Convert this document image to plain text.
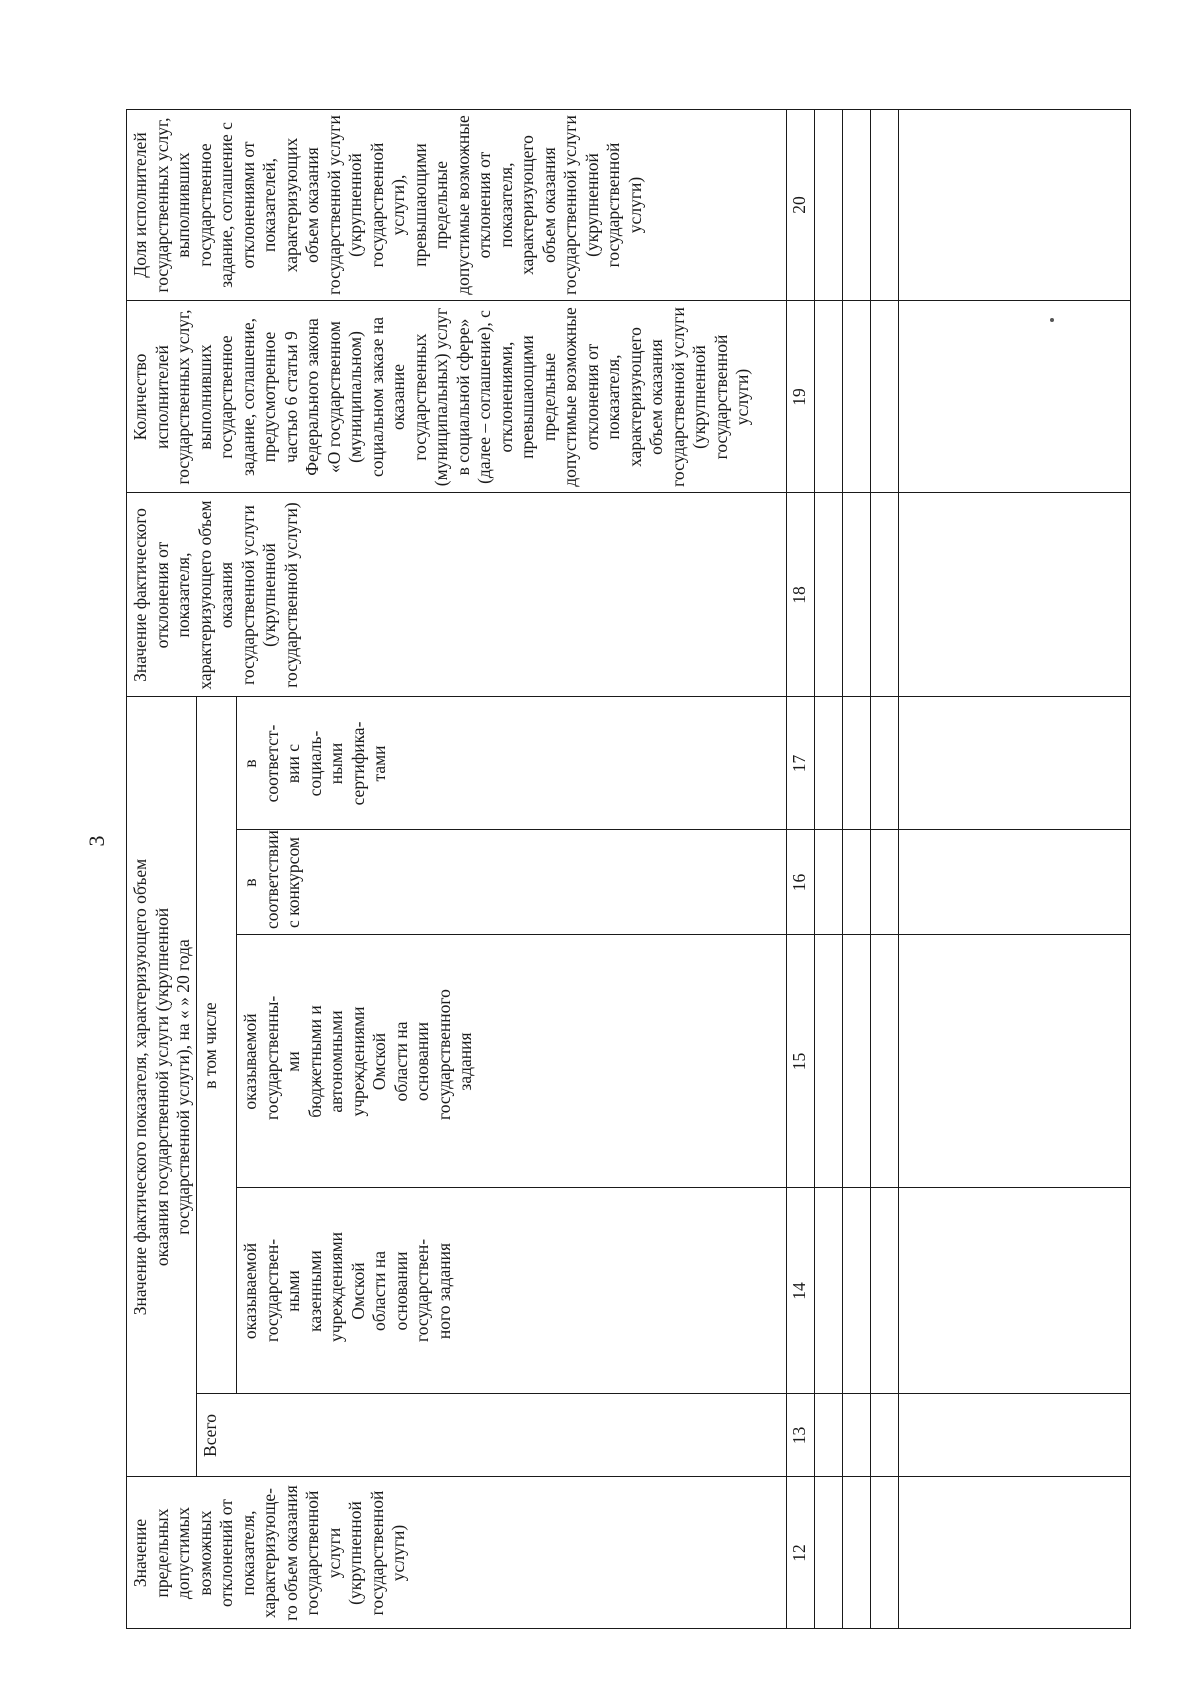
3
Значение предельных допустимых возможных отклонений от показателя, характеризующе-го объем оказания государственной услуги (укрупненной государственной услуги)
Значение фактического показателя, характеризующего объем оказания государственной услуги (укрупненной государственной услуги), на « » 20 года
Всего
в том числе
оказываемой государствен-ными казенными учреждениями Омской области на основании государствен-ного задания
оказываемой государственны-ми бюджетными и автономными учреждениями Омской области на основании государственного задания
в соответствии с конкурсом
в соответст-вии с социаль-ными сертифика-тами
Значение фактического отклонения от показателя, характеризующего объем оказания государственной услуги (укрупненной государственной услуги)
Количество исполнителей государственных услуг, выполнивших государственное задание, соглашение, предусмотренное частью 6 статьи 9 Федерального закона «О государственном (муниципальном) социальном заказе на оказание государственных (муниципальных) услуг в социальной сфере» (далее – соглашение), с отклонениями, превышающими предельные допустимые возможные отклонения от показателя, характеризующего объем оказания государственной услуги (укрупненной государственной услуги)
Доля исполнителей государственных услуг, выполнивших государственное задание, соглашение с отклонениями от показателей, характеризующих объем оказания государственной услуги (укрупненной государственной услуги), превышающими предельные допустимые возможные отклонения от показателя, характеризующего объем оказания государственной услуги (укрупненной государственной услуги)
12
13
14
15
16
17
18
19
20
